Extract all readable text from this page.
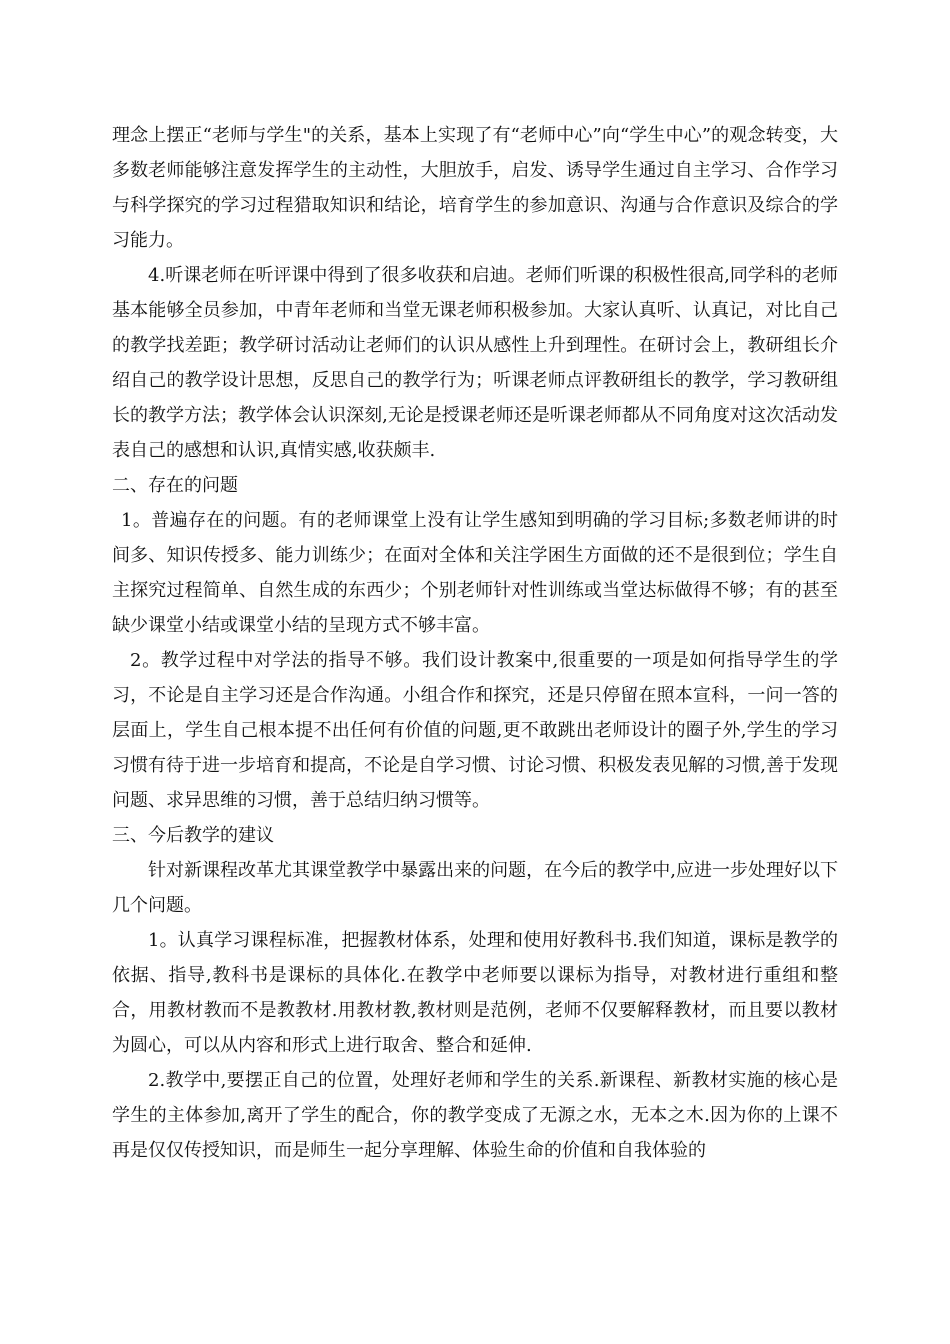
理念上摆正“老师与学生"的关系，基本上实现了有“老师中心”向“学生中心”的观念转变，大多数老师能够注意发挥学生的主动性，大胆放手，启发、诱导学生通过自主学习、合作学习与科学探究的学习过程猎取知识和结论，培育学生的参加意识、沟通与合作意识及综合的学习能力。

4.听课老师在听评课中得到了很多收获和启迪。老师们听课的积极性很高,同学科的老师基本能够全员参加，中青年老师和当堂无课老师积极参加。大家认真听、认真记，对比自己的教学找差距；教学研讨活动让老师们的认识从感性上升到理性。在研讨会上，教研组长介绍自己的教学设计思想，反思自己的教学行为；听课老师点评教研组长的教学，学习教研组长的教学方法；教学体会认识深刻,无论是授课老师还是听课老师都从不同角度对这次活动发表自己的感想和认识,真情实感,收获颇丰.

二、存在的问题

1。普遍存在的问题。有的老师课堂上没有让学生感知到明确的学习目标;多数老师讲的时间多、知识传授多、能力训练少；在面对全体和关注学困生方面做的还不是很到位；学生自主探究过程简单、自然生成的东西少；个别老师针对性训练或当堂达标做得不够；有的甚至缺少课堂小结或课堂小结的呈现方式不够丰富。

2。教学过程中对学法的指导不够。我们设计教案中,很重要的一项是如何指导学生的学习，不论是自主学习还是合作沟通。小组合作和探究，还是只停留在照本宣科，一问一答的层面上，学生自己根本提不出任何有价值的问题,更不敢跳出老师设计的圈子外,学生的学习习惯有待于进一步培育和提高，不论是自学习惯、讨论习惯、积极发表见解的习惯,善于发现问题、求异思维的习惯，善于总结归纳习惯等。

三、今后教学的建议

针对新课程改革尤其课堂教学中暴露出来的问题，在今后的教学中,应进一步处理好以下几个问题。

1。认真学习课程标准，把握教材体系，处理和使用好教科书.我们知道，课标是教学的依据、指导,教科书是课标的具体化.在教学中老师要以课标为指导，对教材进行重组和整合，用教材教而不是教教材.用教材教,教材则是范例，老师不仅要解释教材，而且要以教材为圆心，可以从内容和形式上进行取舍、整合和延伸.

2.教学中,要摆正自己的位置，处理好老师和学生的关系.新课程、新教材实施的核心是学生的主体参加,离开了学生的配合，你的教学变成了无源之水，无本之木.因为你的上课不再是仅仅传授知识，而是师生一起分享理解、体验生命的价值和自我体验的
